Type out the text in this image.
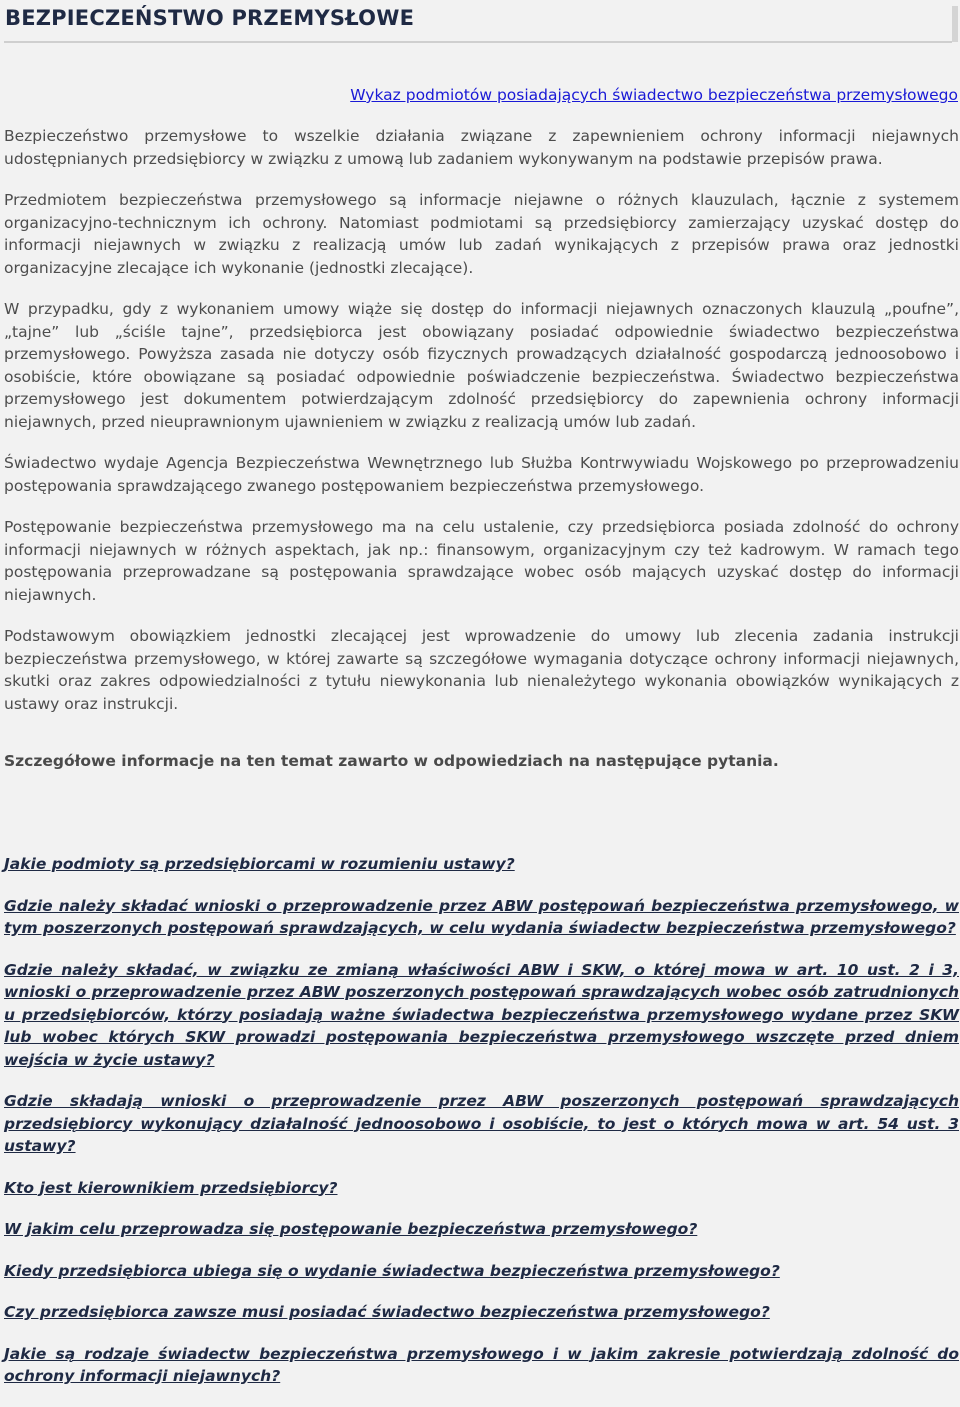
BEZPIECZEŃSTWO PRZEMYSŁOWE
Wykaz podmiotów posiadających świadectwo bezpieczeństwa przemysłowego

Bezpieczeństwo przemysłowe to wszelkie działania związane z zapewnieniem ochrony informacji niejawnych udostępnianych przedsiębiorcy w związku z umową lub zadaniem wykonywanym na podstawie przepisów prawa.

Przedmiotem bezpieczeństwa przemysłowego są informacje niejawne o różnych klauzulach, łącznie z systemem organizacyjno-technicznym ich ochrony. Natomiast podmiotami są przedsiębiorcy zamierzający uzyskać dostęp do informacji niejawnych w związku z realizacją umów lub zadań wynikających z przepisów prawa oraz jednostki organizacyjne zlecające ich wykonanie (jednostki zlecające).

W przypadku, gdy z wykonaniem umowy wiąże się dostęp do informacji niejawnych oznaczonych klauzulą „poufne”, „tajne” lub „ściśle tajne”, przedsiębiorca jest obowiązany posiadać odpowiednie świadectwo bezpieczeństwa przemysłowego. Powyższa zasada nie dotyczy osób fizycznych prowadzących działalność gospodarczą jednoosobowo i osobiście, które obowiązane są posiadać odpowiednie poświadczenie bezpieczeństwa. Świadectwo bezpieczeństwa przemysłowego jest dokumentem potwierdzającym zdolność przedsiębiorcy do zapewnienia ochrony informacji niejawnych, przed nieuprawnionym ujawnieniem w związku z realizacją umów lub zadań.

Świadectwo wydaje Agencja Bezpieczeństwa Wewnętrznego lub Służba Kontrwywiadu Wojskowego po przeprowadzeniu postępowania sprawdzającego zwanego postępowaniem bezpieczeństwa przemysłowego.

Postępowanie bezpieczeństwa przemysłowego ma na celu ustalenie, czy przedsiębiorca posiada zdolność do ochrony informacji niejawnych w różnych aspektach, jak np.: finansowym, organizacyjnym czy też kadrowym. W ramach tego postępowania przeprowadzane są postępowania sprawdzające wobec osób mających uzyskać dostęp do informacji niejawnych.

Podstawowym obowiązkiem jednostki zlecającej jest wprowadzenie do umowy lub zlecenia zadania instrukcji bezpieczeństwa przemysłowego, w której zawarte są szczegółowe wymagania dotyczące ochrony informacji niejawnych, skutki oraz zakres odpowiedzialności z tytułu niewykonania lub nienależytego wykonania obowiązków wynikających z ustawy oraz instrukcji.

Szczegółowe informacje na ten temat zawarto w odpowiedziach na następujące pytania.

Jakie podmioty są przedsiębiorcami w rozumieniu ustawy?
Gdzie należy składać wnioski o przeprowadzenie przez ABW postępowań bezpieczeństwa przemysłowego, w tym poszerzonych postępowań sprawdzających, w celu wydania świadectw bezpieczeństwa przemysłowego?
Gdzie należy składać, w związku ze zmianą właściwości ABW i SKW, o której mowa w art. 10 ust. 2 i 3, wnioski o przeprowadzenie przez ABW poszerzonych postępowań sprawdzających wobec osób zatrudnionych u przedsiębiorców, którzy posiadają ważne świadectwa bezpieczeństwa przemysłowego wydane przez SKW lub wobec których SKW prowadzi postępowania bezpieczeństwa przemysłowego wszczęte przed dniem wejścia w życie ustawy?
Gdzie składają wnioski o przeprowadzenie przez ABW poszerzonych postępowań sprawdzających przedsiębiorcy wykonujący działalność jednoosobowo i osobiście, to jest o których mowa w art. 54 ust. 3 ustawy?
Kto jest kierownikiem przedsiębiorcy?
W jakim celu przeprowadza się postępowanie bezpieczeństwa przemysłowego?
Kiedy przedsiębiorca ubiega się o wydanie świadectwa bezpieczeństwa przemysłowego?
Czy przedsiębiorca zawsze musi posiadać świadectwo bezpieczeństwa przemysłowego?
Jakie są rodzaje świadectw bezpieczeństwa przemysłowego i w jakim zakresie potwierdzają zdolność do ochrony informacji niejawnych?
